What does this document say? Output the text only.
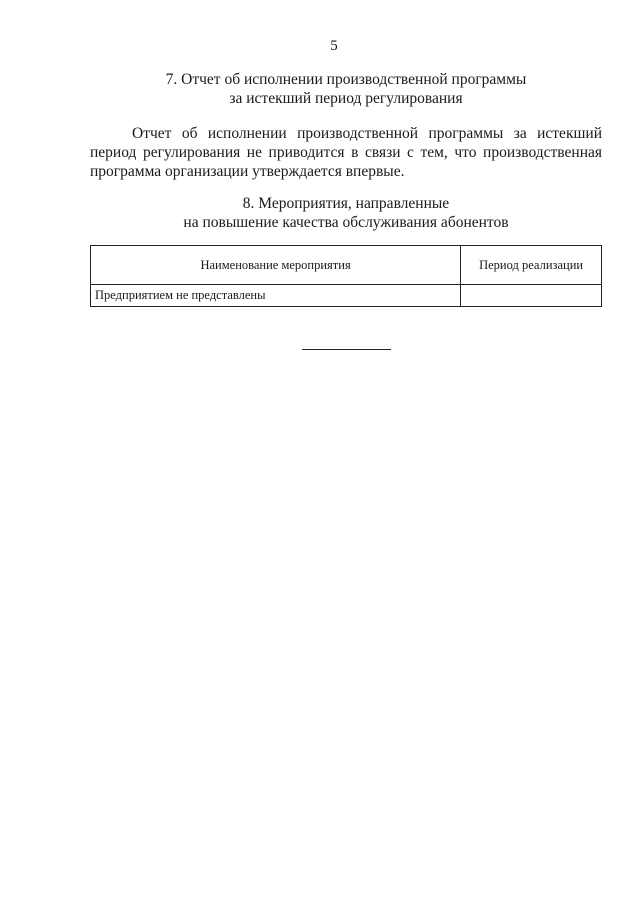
5
7. Отчет об исполнении производственной программы
за истекший период регулирования
Отчет об исполнении производственной программы за истекший период регулирования не приводится в связи с тем, что производственная программа организации утверждается впервые.
8. Мероприятия, направленные
на повышение качества обслуживания абонентов
Наименование мероприятия	Период реализации
Предприятием не представлены	
